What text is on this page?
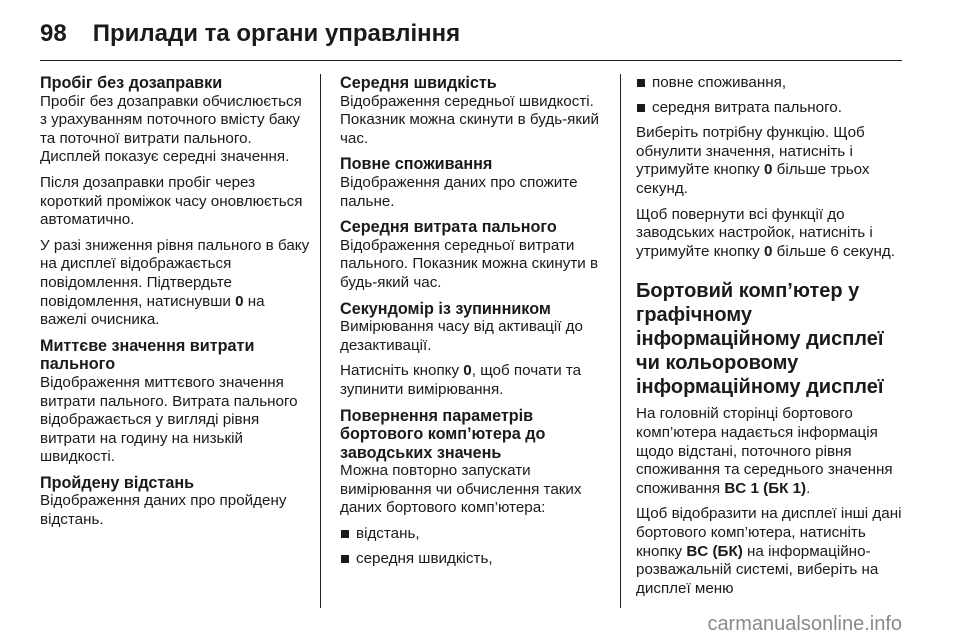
98 Прилади та органи управління
Пробіг без дозаправки

Пробіг без дозаправки обчислюється з урахуванням поточного вмісту баку та поточної витрати пального. Дисплей показує середні значення.

Після дозаправки пробіг через короткий проміжок часу оновлюється автоматично.

У разі зниження рівня пального в баку на дисплеї відображається повідомлення. Підтвердьте повідомлення, натиснувши 0 на важелі очисника.

Миттєве значення витрати пального

Відображення миттєвого значення витрати пального. Витрата пального відображається у вигляді рівня витрати на годину на низькій швидкості.

Пройдену відстань

Відображення даних про пройдену відстань.

Середня швидкість

Відображення середньої швидкості. Показник можна скинути в будь-який час.

Повне споживання

Відображення даних про спожите пальне.

Середня витрата пального

Відображення середньої витрати пального. Показник можна скинути в будь-який час.

Секундомір із зупинником

Вимірювання часу від активації до дезактивації.

Натисніть кнопку 0, щоб почати та зупинити вимірювання.

Повернення параметрів бортового комп’ютера до заводських значень

Можна повторно запускати вимірювання чи обчислення таких даних бортового комп’ютера:

відстань,
середня швидкість,
повне споживання,
середня витрата пального.

Виберіть потрібну функцію. Щоб обнулити значення, натисніть і утримуйте кнопку 0 більше трьох секунд.

Щоб повернути всі функції до заводських настройок, натисніть і утримуйте кнопку 0 більше 6 секунд.

Бортовий комп’ютер у графічному інформаційному дисплеї чи кольоровому інформаційному дисплеї

На головній сторінці бортового комп’ютера надається інформація щодо відстані, поточного рівня споживання та середнього значення споживання BC 1 (БК 1).

Щоб відобразити на дисплеї інші дані бортового комп’ютера, натисніть кнопку BC (БК) на інформаційно-розважальній системі, виберіть на дисплеї меню

carmanualsonline.info
